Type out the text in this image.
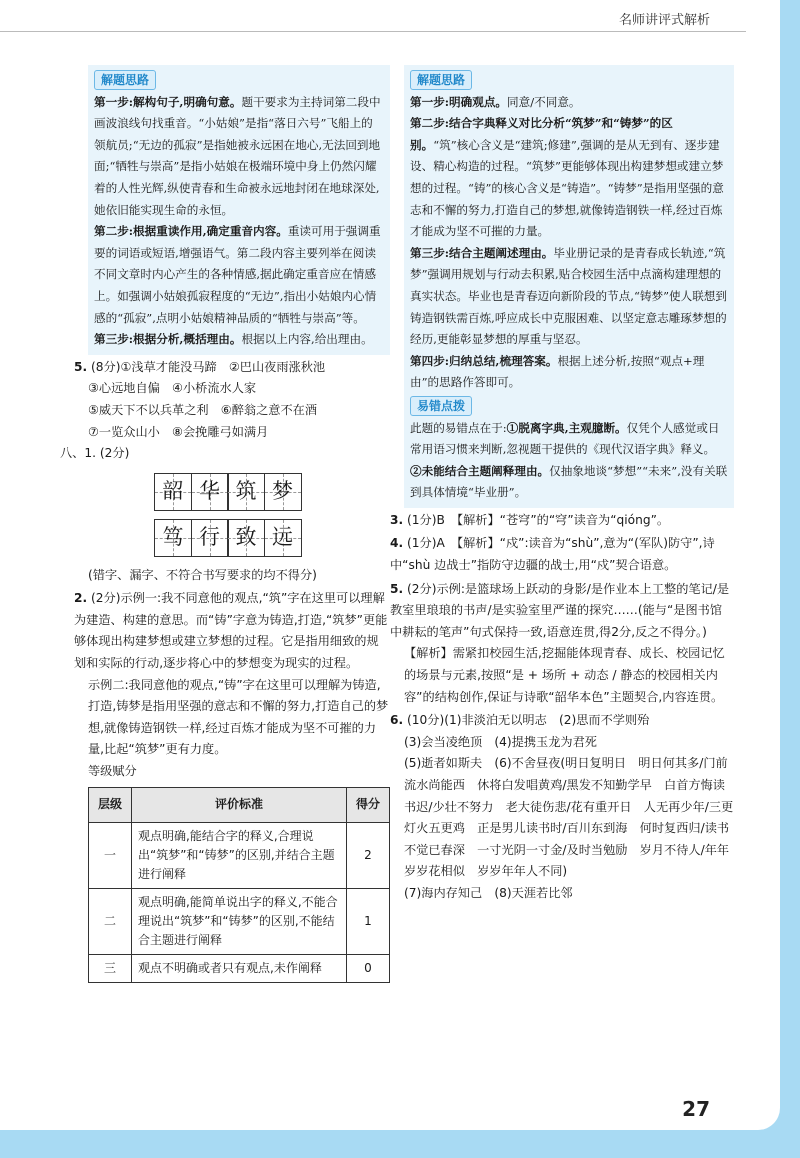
名师讲评式解析
解题思路

第一步:解构句子,明确句意。题干要求为主持词第二段中画波浪线句找重音。“小姑娘”是指“落日六号”飞船上的领航员;“无边的孤寂”是指她被永远困在地心,无法回到地面;“牺牲与崇高”是指小姑娘在极端环境中身上仍然闪耀着的人性光辉,纵使青春和生命被永远地封闭在地球深处,她依旧能实现生命的永恒。

第二步:根据重读作用,确定重音内容。重读可用于强调重要的词语或短语,增强语气。第二段内容主要列举在阅读不同文章时内心产生的各种情感,据此确定重音应在情感上。如强调小姑娘孤寂程度的“无边”,指出小姑娘内心情感的“孤寂”,点明小姑娘精神品质的“牺牲与崇高”等。

第三步:根据分析,概括理由。根据以上内容,给出理由。

5. (8分)①浅草才能没马蹄　②巴山夜雨涨秋池

③心远地自偏　④小桥流水人家

⑤威天下不以兵革之利　⑥醉翁之意不在酒

⑦一览众山小　⑧会挽雕弓如满月

八、1. (2分)

韶 华 筑 梦
笃 行 致 远

(错字、漏字、不符合书写要求的均不得分)

2. (2分)示例一:我不同意他的观点,“筑”字在这里可以理解为建造、构建的意思。而“铸”字意为铸造,打造,“筑梦”更能够体现出构建梦想或建立梦想的过程。它是指用细致的规划和实际的行动,逐步将心中的梦想变为现实的过程。

示例二:我同意他的观点,“铸”字在这里可以理解为铸造,打造,铸梦是指用坚强的意志和不懈的努力,打造自己的梦想,就像铸造钢铁一样,经过百炼才能成为坚不可摧的力量,比起“筑梦”更有力度。

等级赋分

层级	评价标准	得分
一	观点明确,能结合字的释义,合理说出“筑梦”和“铸梦”的区别,并结合主题进行阐释	2
二	观点明确,能简单说出字的释义,不能合理说出“筑梦”和“铸梦”的区别,不能结合主题进行阐释	1
三	观点不明确或者只有观点,未作阐释	0
解题思路

第一步:明确观点。同意/不同意。

第二步:结合字典释义对比分析“筑梦”和“铸梦”的区别。“筑”核心含义是“建筑;修建”,强调的是从无到有、逐步建设、精心构造的过程。“筑梦”更能够体现出构建梦想或建立梦想的过程。“铸”的核心含义是“铸造”。“铸梦”是指用坚强的意志和不懈的努力,打造自己的梦想,就像铸造钢铁一样,经过百炼才能成为坚不可摧的力量。

第三步:结合主题阐述理由。毕业册记录的是青春成长轨迹,“筑梦”强调用规划与行动去积累,贴合校园生活中点滴构建理想的真实状态。毕业也是青春迈向新阶段的节点,“铸梦”使人联想到铸造钢铁需百炼,呼应成长中克服困难、以坚定意志雕琢梦想的经历,更能彰显梦想的厚重与坚忍。

第四步:归纳总结,梳理答案。根据上述分析,按照“观点+理由”的思路作答即可。

易错点拨

此题的易错点在于:①脱离字典,主观臆断。仅凭个人感觉或日常用语习惯来判断,忽视题干提供的《现代汉语字典》释义。

②未能结合主题阐释理由。仅抽象地谈“梦想”“未来”,没有关联到具体情境“毕业册”。

3. (1分)B　【解析】“苍穹”的“穹”读音为“qióng”。

4. (1分)A　【解析】“戍”:读音为“shù”,意为“(军队)防守”,诗中“shù 边战士”指防守边疆的战士,用“戍”契合语意。

5. (2分)示例:是篮球场上跃动的身影/是作业本上工整的笔记/是教室里琅琅的书声/是实验室里严谨的探究……(能与“是图书馆中耕耘的笔声”句式保持一致,语意连贯,得2分,反之不得分。)

【解析】需紧扣校园生活,挖掘能体现青春、成长、校园记忆的场景与元素,按照“是 + 场所 + 动态 / 静态的校园相关内容”的结构创作,保证与诗歌“韶华本色”主题契合,内容连贯。

6. (10分)(1)非淡泊无以明志　(2)思而不学则殆

(3)会当凌绝顶　(4)提携玉龙为君死

(5)逝者如斯夫　(6)不舍昼夜(明日复明日　明日何其多/门前流水尚能西　休将白发唱黄鸡/黑发不知勤学早　白首方悔读书迟/少壮不努力　老大徒伤悲/花有重开日　人无再少年/三更灯火五更鸡　正是男儿读书时/百川东到海　何时复西归/读书不觉已春深　一寸光阴一寸金/及时当勉励　岁月不待人/年年岁岁花相似　岁岁年年人不同)

(7)海内存知己　(8)天涯若比邻

27
